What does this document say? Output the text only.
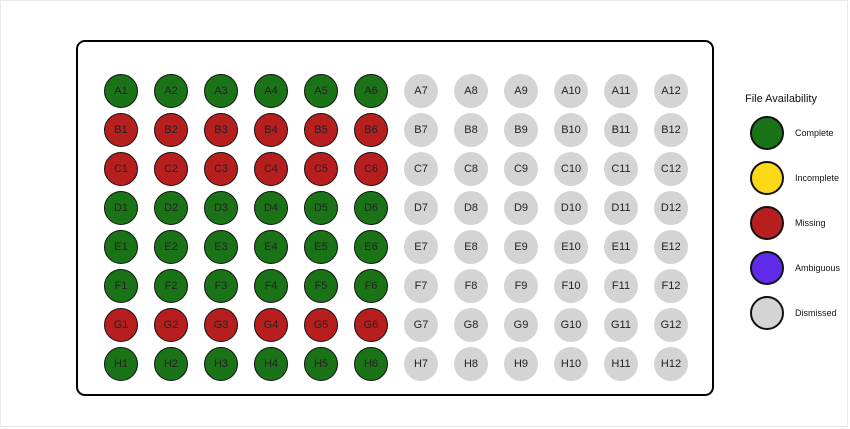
A1	A2	A3	A4	A5	A6	A7	A8	A9	A10	A11	A12
B1	B2	B3	B4	B5	B6	B7	B8	B9	B10	B11	B12
C1	C2	C3	C4	C5	C6	C7	C8	C9	C10	C11	C12
D1	D2	D3	D4	D5	D6	D7	D8	D9	D10	D11	D12
E1	E2	E3	E4	E5	E6	E7	E8	E9	E10	E11	E12
F1	F2	F3	F4	F5	F6	F7	F8	F9	F10	F11	F12
G1	G2	G3	G4	G5	G6	G7	G8	G9	G10	G11	G12
H1	H2	H3	H4	H5	H6	H7	H8	H9	H10	H11	H12
File Availability
Complete
Incomplete
Missing
Ambiguous
Dismissed
